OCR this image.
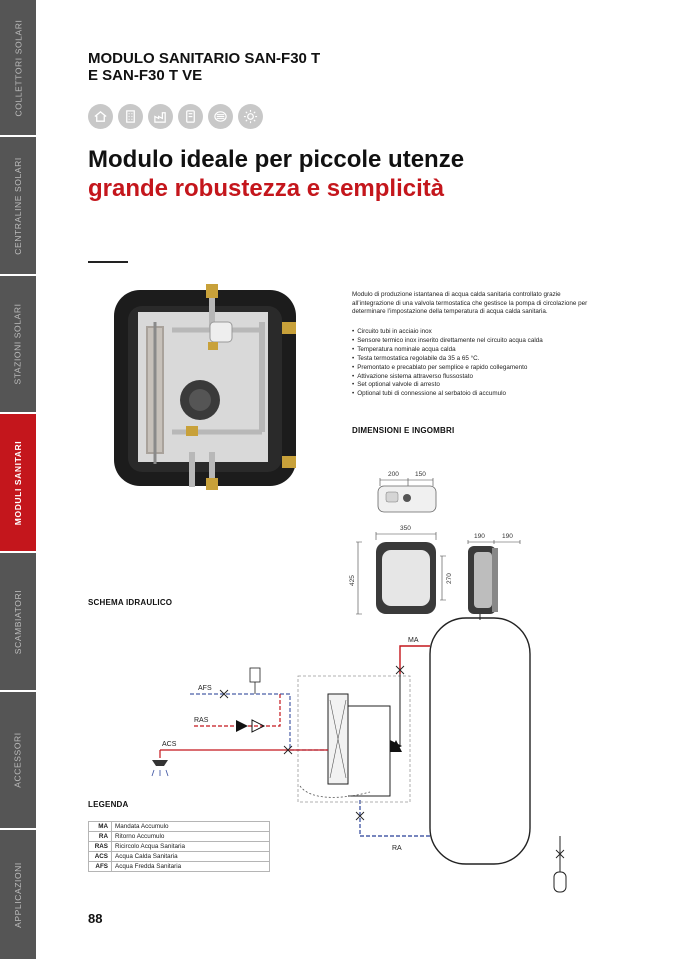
COLLETTORI SOLARI
CENTRALINE SOLARI
STAZIONI SOLARI
MODULI SANITARI
SCAMBIATORI
ACCESSORI
APPLICAZIONI
MODULO SANITARIO SAN-F30 T
E SAN-F30 T VE
Modulo ideale per piccole utenze
grande robustezza e semplicità
Modulo di produzione istantanea di acqua calda sanitaria controllato grazie all’integrazione di una valvola termostatica che gestisce la pompa di circolazione per determinare l’impostazione della temperatura di acqua calda sanitaria.
• Circuito tubi in acciaio inox
• Sensore termico inox inserito direttamente nel circuito acqua calda
• Temperatura nominale acqua calda
• Testa termostatica regolabile da 35 a 65 °C.
• Premontato e precablato per semplice e rapido collegamento
• Attivazione sistema attraverso flussostato
• Set optional valvole di arresto
• Optional tubi di connessione al serbatoio di accumulo
DIMENSIONI E INGOMBRI
200 150
350
425	270
190	190
SCHEMA IDRAULICO
MA
RA
AFS
RAS
ACS
LEGENDA
MA	Mandata Accumulo
RA	Ritorno Accumulo
RAS	Ricircolo Acqua Sanitaria
ACS	Acqua Calda Sanitaria
AFS	Acqua Fredda Sanitaria
88
